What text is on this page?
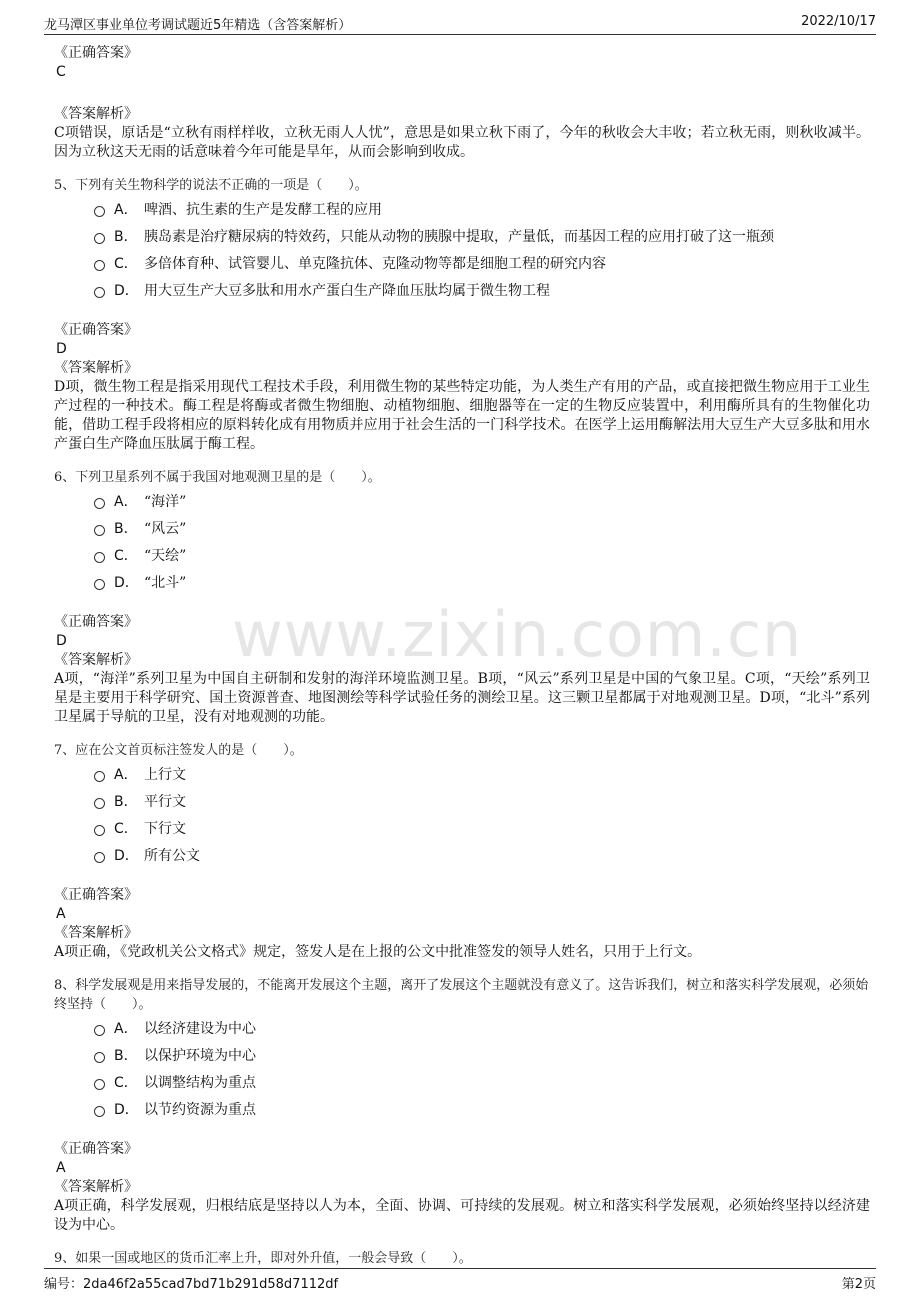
龙马潭区事业单位考调试题近5年精选（含答案解析）	2022/10/17
www.zixin.com.cn
《正确答案》
C
《答案解析》

C项错误，原话是“立秋有雨样样收，立秋无雨人人忧”，意思是如果立秋下雨了，今年的秋收会大丰收；若立秋无雨，则秋收减半。因为立秋这天无雨的话意味着今年可能是旱年，从而会影响到收成。

5、下列有关生物科学的说法不正确的一项是（　　）。

A． 啤酒、抗生素的生产是发酵工程的应用
B． 胰岛素是治疗糖尿病的特效药，只能从动物的胰腺中提取，产量低，而基因工程的应用打破了这一瓶颈
C． 多倍体育种、试管婴儿、单克隆抗体、克隆动物等都是细胞工程的研究内容
D． 用大豆生产大豆多肽和用水产蛋白生产降血压肽均属于微生物工程
《正确答案》
D
《答案解析》

D项，微生物工程是指采用现代工程技术手段，利用微生物的某些特定功能，为人类生产有用的产品，或直接把微生物应用于工业生产过程的一种技术。酶工程是将酶或者微生物细胞、动植物细胞、细胞器等在一定的生物反应装置中，利用酶所具有的生物催化功能，借助工程手段将相应的原料转化成有用物质并应用于社会生活的一门科学技术。在医学上运用酶解法用大豆生产大豆多肽和用水产蛋白生产降血压肽属于酶工程。

6、下列卫星系列不属于我国对地观测卫星的是（　　）。

A． “海洋”
B． “风云”
C． “天绘”
D． “北斗”
《正确答案》
D
《答案解析》

A项，“海洋”系列卫星为中国自主研制和发射的海洋环境监测卫星。B项，“风云”系列卫星是中国的气象卫星。C项，“天绘”系列卫星是主要用于科学研究、国土资源普查、地图测绘等科学试验任务的测绘卫星。这三颗卫星都属于对地观测卫星。D项，“北斗”系列卫星属于导航的卫星，没有对地观测的功能。

7、应在公文首页标注签发人的是（　　）。

A． 上行文
B． 平行文
C． 下行文
D． 所有公文
《正确答案》
A
《答案解析》

A项正确，《党政机关公文格式》规定，签发人是在上报的公文中批准签发的领导人姓名，只用于上行文。

8、科学发展观是用来指导发展的，不能离开发展这个主题，离开了发展这个主题就没有意义了。这告诉我们，树立和落实科学发展观，必须始终坚持（　　）。

A． 以经济建设为中心
B． 以保护环境为中心
C． 以调整结构为重点
D． 以节约资源为重点
《正确答案》
A
《答案解析》

A项正确，科学发展观，归根结底是坚持以人为本，全面、协调、可持续的发展观。树立和落实科学发展观，必须始终坚持以经济建设为中心。

9、如果一国或地区的货币汇率上升，即对外升值，一般会导致（　　）。

编号：2da46f2a55cad7bd71b291d58d7112df	第2页
